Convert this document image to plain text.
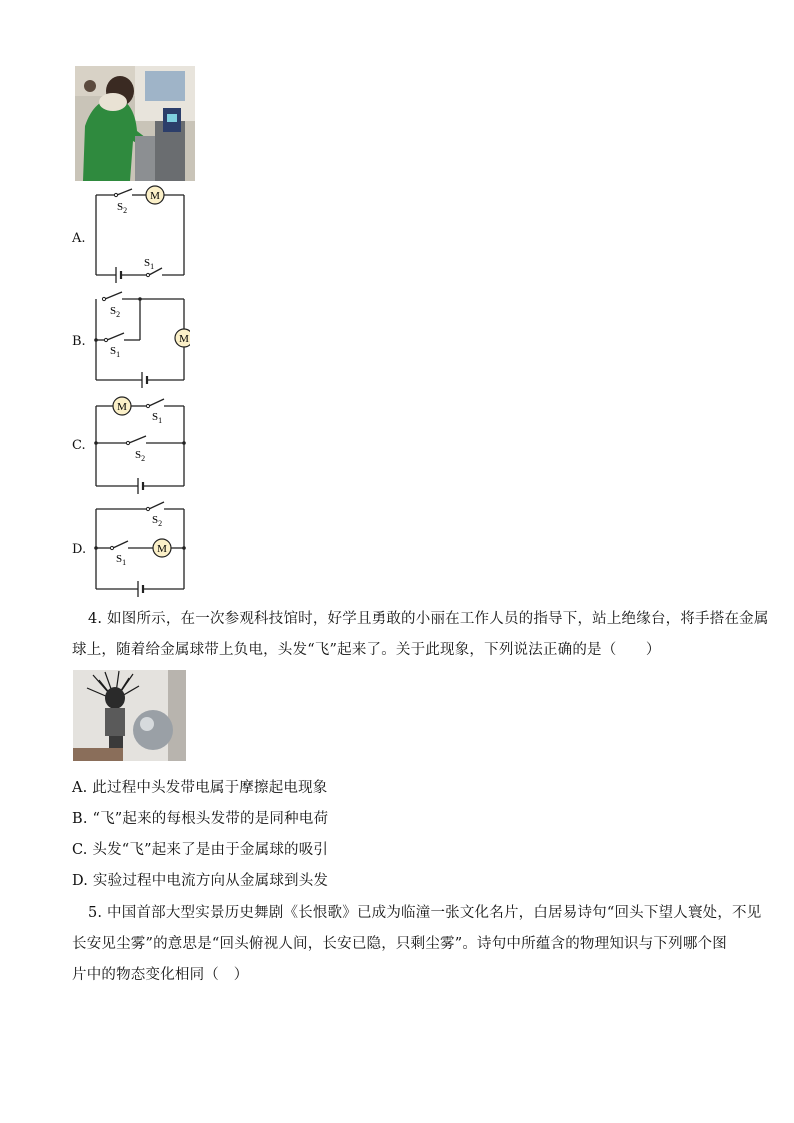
A.
M
$S_2$
$S_1$
B.	M
$S_2$
$S_1$
C.
M
$S_1$
$S_2$
D.
$S_2$
$S_1$
M
4. 如图所示，在一次参观科技馆时，好学且勇敢的小丽在工作人员的指导下，站上绝缘台，将手搭在金属
球上，随着给金属球带上负电，头发“飞”起来了。关于此现象，下列说法正确的是（　　）
A. 此过程中头发带电属于摩擦起电现象
B. “飞”起来的每根头发带的是同种电荷
C. 头发“飞”起来了是由于金属球的吸引
D. 实验过程中电流方向从金属球到头发
5. 中国首部大型实景历史舞剧《长恨歌》已成为临潼一张文化名片，白居易诗句“回头下望人寰处，不见
长安见尘雾”的意思是“回头俯视人间，长安已隐，只剩尘雾”。诗句中所蕴含的物理知识与下列哪个图
片中的物态变化相同（　）
